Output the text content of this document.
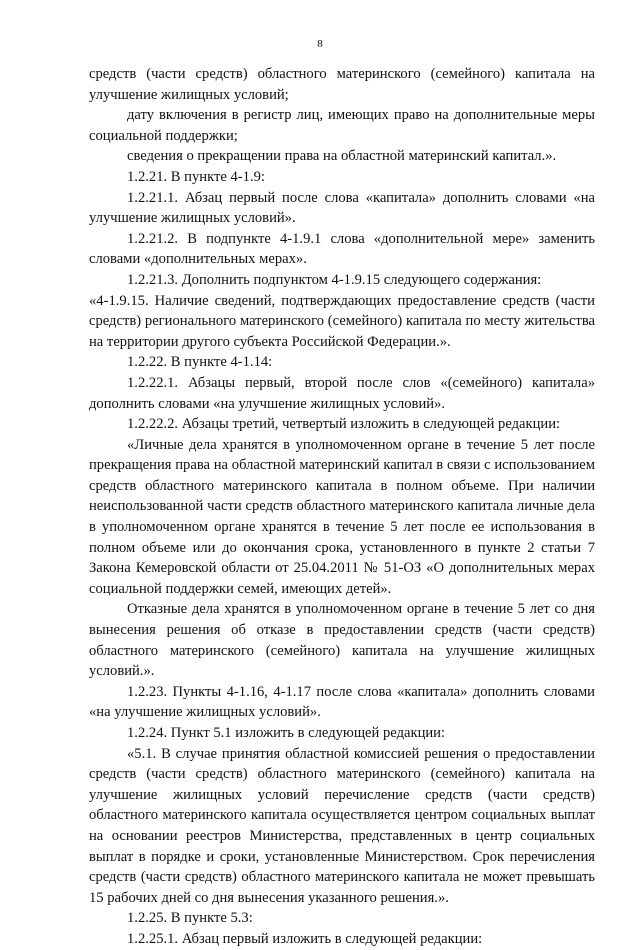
8

средств (части средств) областного материнского (семейного) капитала на улучшение жилищных условий;

дату включения в регистр лиц, имеющих право на дополнительные меры социальной поддержки;

сведения о прекращении права на областной материнский капитал.».

1.2.21. В пункте 4-1.9:

1.2.21.1. Абзац первый после слова «капитала» дополнить словами «на улучшение жилищных условий».

1.2.21.2. В подпункте 4-1.9.1 слова «дополнительной мере» заменить словами «дополнительных мерах».

1.2.21.3. Дополнить подпунктом 4-1.9.15 следующего содержания:

«4-1.9.15. Наличие сведений, подтверждающих предоставление средств (части средств) регионального материнского (семейного) капитала по месту жительства на территории другого субъекта Российской Федерации.».

1.2.22. В пункте 4-1.14:

1.2.22.1. Абзацы первый, второй после слов «(семейного) капитала» дополнить словами «на улучшение жилищных условий».

1.2.22.2. Абзацы третий, четвертый изложить в следующей редакции:

«Личные дела хранятся в уполномоченном органе в течение 5 лет после прекращения права на областной материнский капитал в связи с использованием средств областного материнского капитала в полном объеме. При наличии неиспользованной части средств областного материнского капитала личные дела в уполномоченном органе хранятся в течение 5 лет после ее использования в полном объеме или до окончания срока, установленного в пункте 2 статьи 7 Закона Кемеровской области от 25.04.2011 № 51-ОЗ «О дополнительных мерах социальной поддержки семей, имеющих детей».

Отказные дела хранятся в уполномоченном органе в течение 5 лет со дня вынесения решения об отказе в предоставлении средств (части средств) областного материнского (семейного) капитала на улучшение жилищных условий.».

1.2.23. Пункты 4-1.16, 4-1.17 после слова «капитала» дополнить словами «на улучшение жилищных условий».

1.2.24. Пункт 5.1 изложить в следующей редакции:

«5.1. В случае принятия областной комиссией решения о предоставлении средств (части средств) областного материнского (семейного) капитала на улучшение жилищных условий перечисление средств (части средств) областного материнского капитала осуществляется центром социальных выплат на основании реестров Министерства, представленных в центр социальных выплат в порядке и сроки, установленные Министерством. Срок перечисления средств (части средств) областного материнского капитала не может превышать 15 рабочих дней со дня вынесения указанного решения.».

1.2.25. В пункте 5.3:

1.2.25.1. Абзац первый изложить в следующей редакции:
